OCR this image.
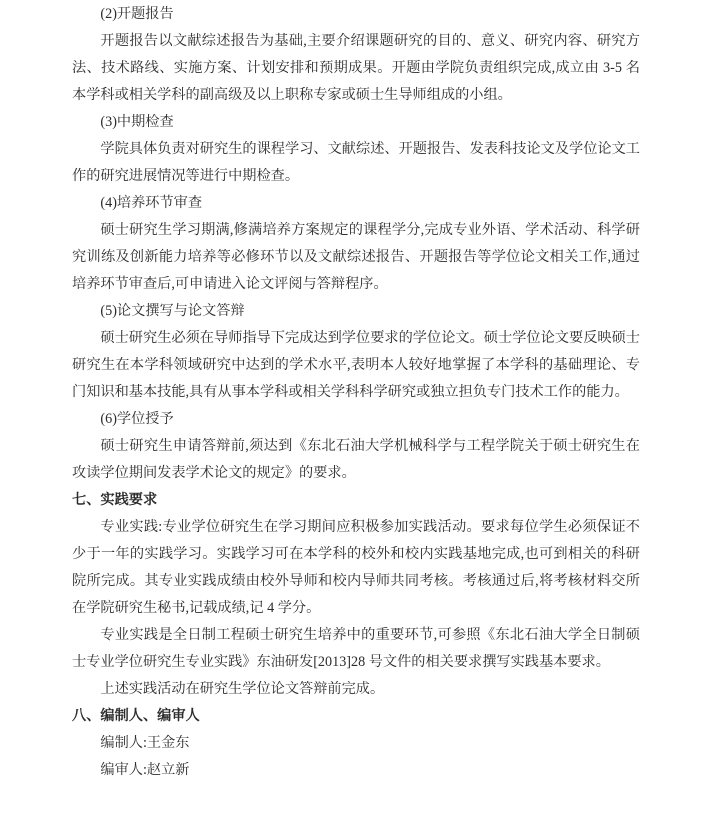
(2)开题报告

开题报告以文献综述报告为基础,主要介绍课题研究的目的、意义、研究内容、研究方法、技术路线、实施方案、计划安排和预期成果。开题由学院负责组织完成,成立由 3-5 名本学科或相关学科的副高级及以上职称专家或硕士生导师组成的小组。

(3)中期检查

学院具体负责对研究生的课程学习、文献综述、开题报告、发表科技论文及学位论文工作的研究进展情况等进行中期检查。

(4)培养环节审查

硕士研究生学习期满,修满培养方案规定的课程学分,完成专业外语、学术活动、科学研究训练及创新能力培养等必修环节以及文献综述报告、开题报告等学位论文相关工作,通过培养环节审查后,可申请进入论文评阅与答辩程序。

(5)论文撰写与论文答辩

硕士研究生必须在导师指导下完成达到学位要求的学位论文。硕士学位论文要反映硕士研究生在本学科领域研究中达到的学术水平,表明本人较好地掌握了本学科的基础理论、专门知识和基本技能,具有从事本学科或相关学科科学研究或独立担负专门技术工作的能力。

(6)学位授予

硕士研究生申请答辩前,须达到《东北石油大学机械科学与工程学院关于硕士研究生在攻读学位期间发表学术论文的规定》的要求。

七、实践要求

专业实践:专业学位研究生在学习期间应积极参加实践活动。要求每位学生必须保证不少于一年的实践学习。实践学习可在本学科的校外和校内实践基地完成,也可到相关的科研院所完成。其专业实践成绩由校外导师和校内导师共同考核。考核通过后,将考核材料交所在学院研究生秘书,记载成绩,记 4 学分。

专业实践是全日制工程硕士研究生培养中的重要环节,可参照《东北石油大学全日制硕士专业学位研究生专业实践》东油研发[2013]28 号文件的相关要求撰写实践基本要求。

上述实践活动在研究生学位论文答辩前完成。

八、编制人、编审人

编制人:王金东

编审人:赵立新
